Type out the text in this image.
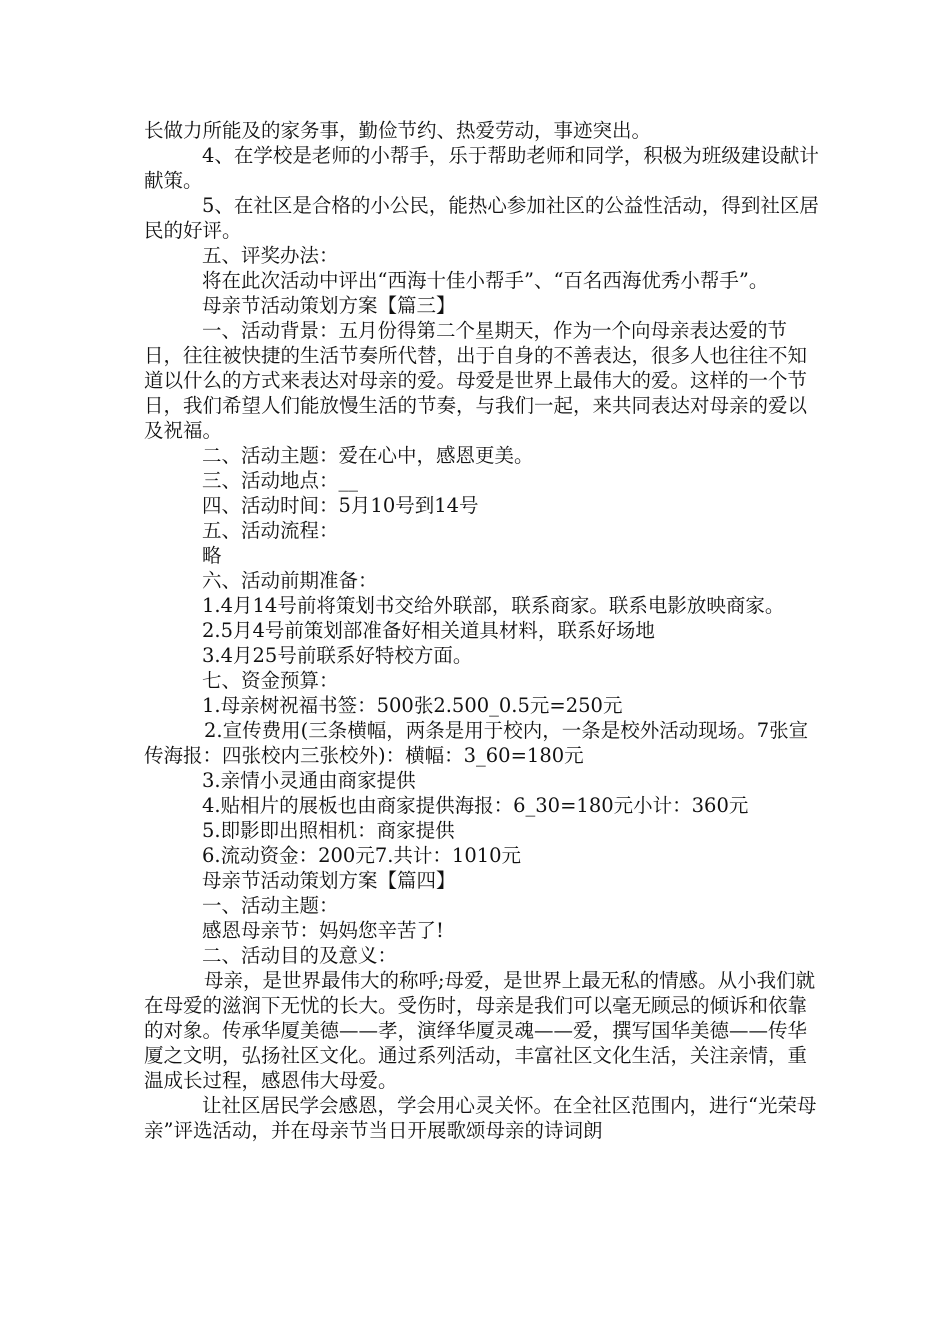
长做力所能及的家务事，勤俭节约、热爱劳动，事迹突出。

4、在学校是老师的小帮手，乐于帮助老师和同学，积极为班级建设献计献策。

5、在社区是合格的小公民，能热心参加社区的公益性活动，得到社区居民的好评。

五、评奖办法：

将在此次活动中评出“西海十佳小帮手”、“百名西海优秀小帮手”。

母亲节活动策划方案【篇三】

一、活动背景：五月份得第二个星期天，作为一个向母亲表达爱的节日，往往被快捷的生活节奏所代替，出于自身的不善表达，很多人也往往不知道以什么的方式来表达对母亲的爱。母爱是世界上最伟大的爱。这样的一个节日，我们希望人们能放慢生活的节奏，与我们一起，来共同表达对母亲的爱以及祝福。

二、活动主题：爱在心中，感恩更美。

三、活动地点：__

四、活动时间：5月10号到14号

五、活动流程：

略

六、活动前期准备：

1.4月14号前将策划书交给外联部，联系商家。联系电影放映商家。

2.5月4号前策划部准备好相关道具材料，联系好场地

3.4月25号前联系好特校方面。

七、资金预算：

1.母亲树祝福书签：500张2.500_0.5元=250元

2.宣传费用(三条横幅，两条是用于校内，一条是校外活动现场。7张宣传海报：四张校内三张校外)：横幅：3_60=180元

3.亲情小灵通由商家提供

4.贴相片的展板也由商家提供海报：6_30=180元小计：360元

5.即影即出照相机：商家提供

6.流动资金：200元7.共计：1010元

母亲节活动策划方案【篇四】

一、活动主题：

感恩母亲节：妈妈您辛苦了!

二、活动目的及意义：

母亲，是世界最伟大的称呼;母爱，是世界上最无私的情感。从小我们就在母爱的滋润下无忧的长大。受伤时，母亲是我们可以毫无顾忌的倾诉和依靠的对象。传承华厦美德——孝，演绎华厦灵魂——爱，撰写国华美德——传华厦之文明，弘扬社区文化。通过系列活动，丰富社区文化生活，关注亲情，重温成长过程，感恩伟大母爱。

让社区居民学会感恩，学会用心灵关怀。在全社区范围内，进行“光荣母亲”评选活动，并在母亲节当日开展歌颂母亲的诗词朗
